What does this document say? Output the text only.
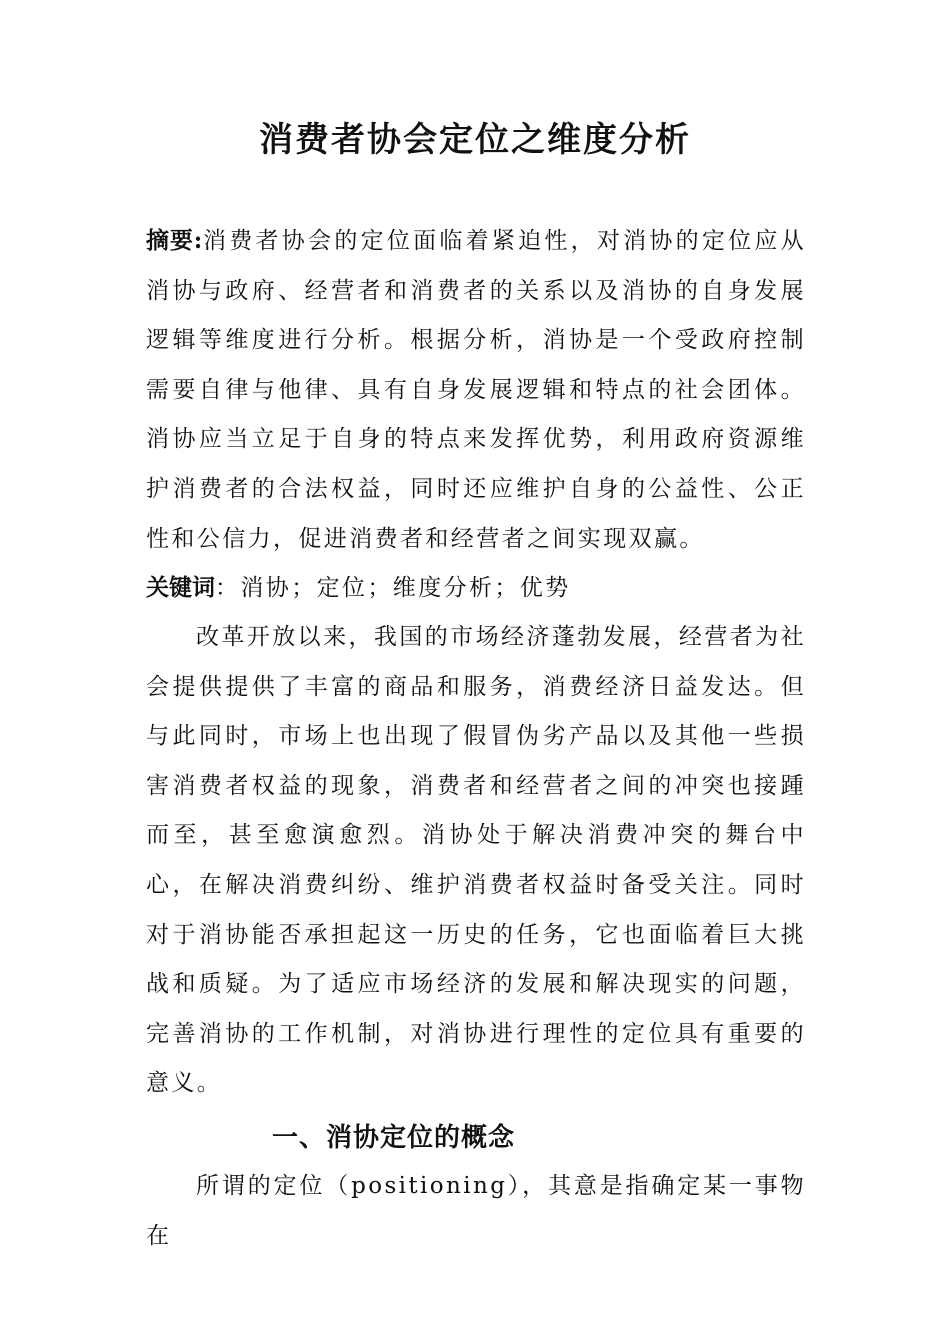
消费者协会定位之维度分析

摘要:消费者协会的定位面临着紧迫性，对消协的定位应从消协与政府、经营者和消费者的关系以及消协的自身发展逻辑等维度进行分析。根据分析，消协是一个受政府控制需要自律与他律、具有自身发展逻辑和特点的社会团体。消协应当立足于自身的特点来发挥优势，利用政府资源维护消费者的合法权益，同时还应维护自身的公益性、公正性和公信力，促进消费者和经营者之间实现双赢。

关键词：消协；定位；维度分析；优势

改革开放以来，我国的市场经济蓬勃发展，经营者为社会提供提供了丰富的商品和服务，消费经济日益发达。但与此同时，市场上也出现了假冒伪劣产品以及其他一些损害消费者权益的现象，消费者和经营者之间的冲突也接踵而至，甚至愈演愈烈。消协处于解决消费冲突的舞台中心，在解决消费纠纷、维护消费者权益时备受关注。同时对于消协能否承担起这一历史的任务，它也面临着巨大挑战和质疑。为了适应市场经济的发展和解决现实的问题，完善消协的工作机制，对消协进行理性的定位具有重要的意义。

一、消协定位的概念

所谓的定位（positioning），其意是指确定某一事物在
